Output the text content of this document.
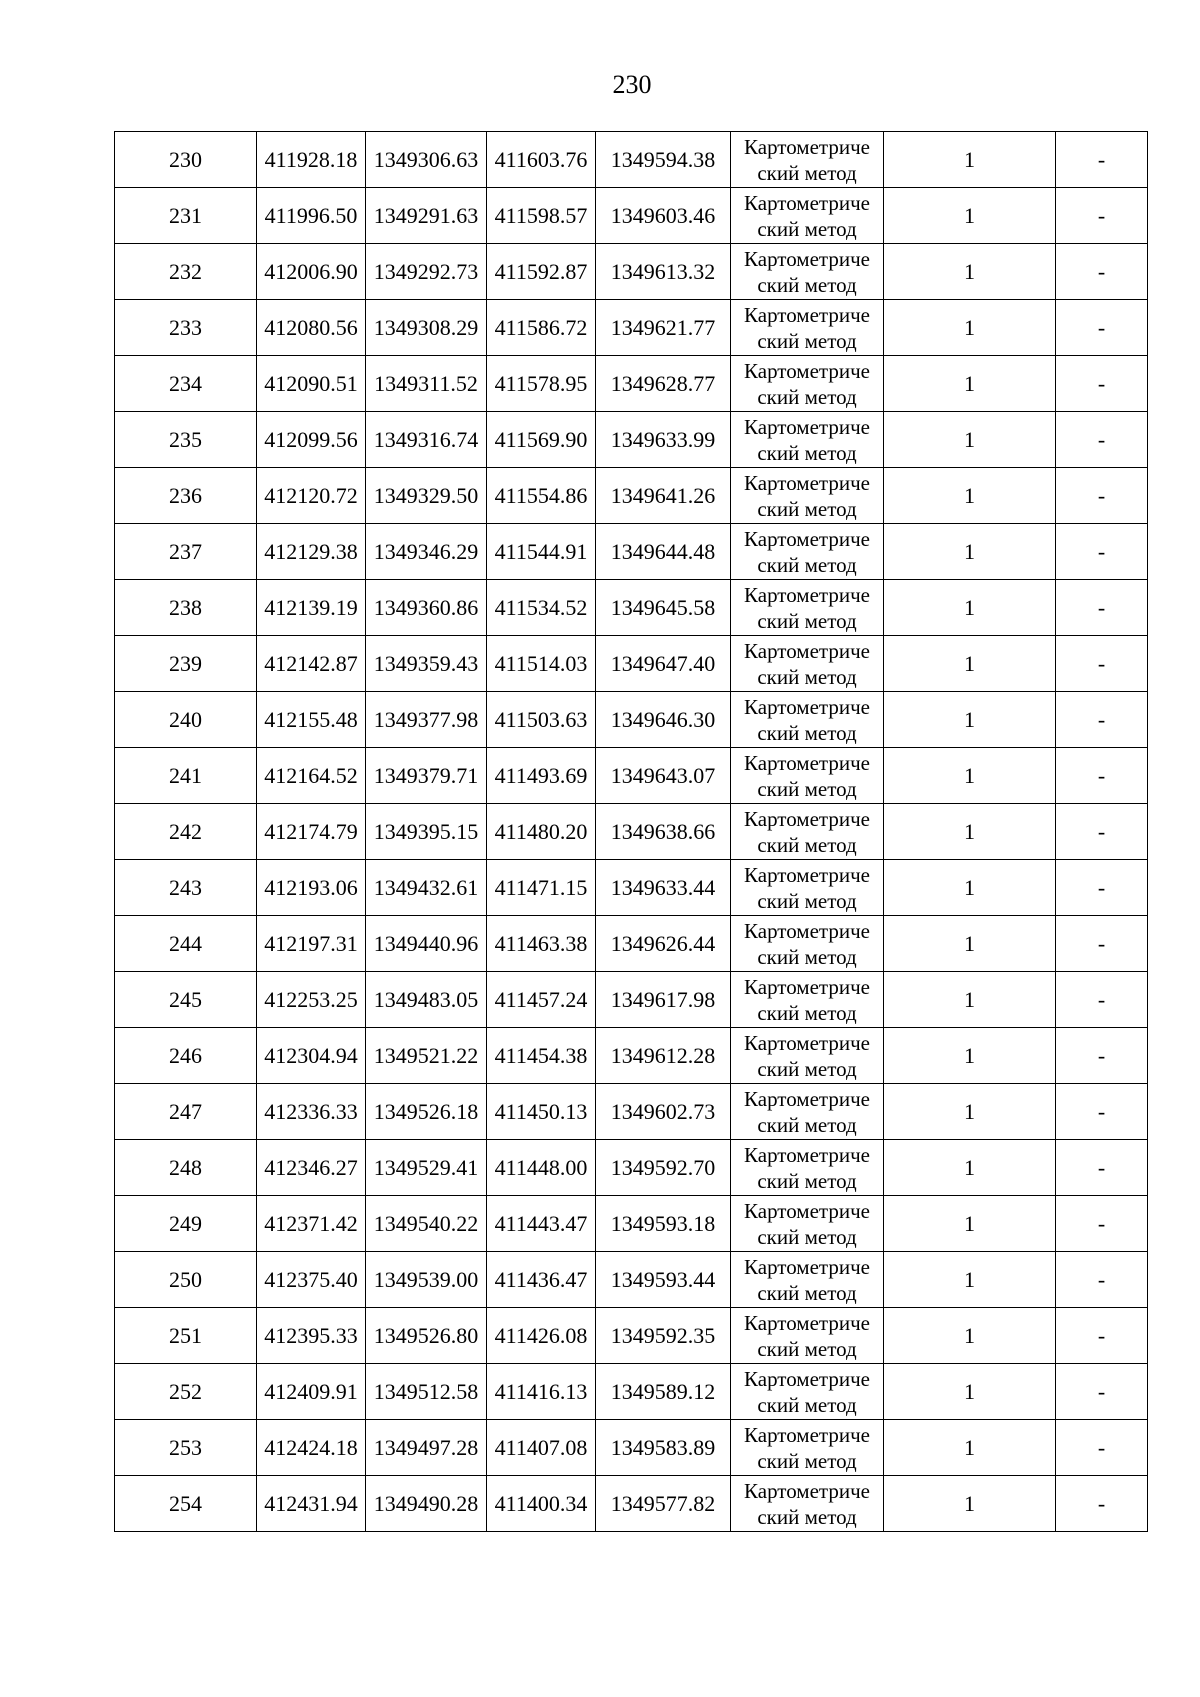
230
230	411928.18	1349306.63	411603.76	1349594.38	Картометриче
ский метод	1	-
231	411996.50	1349291.63	411598.57	1349603.46	Картометриче
ский метод	1	-
232	412006.90	1349292.73	411592.87	1349613.32	Картометриче
ский метод	1	-
233	412080.56	1349308.29	411586.72	1349621.77	Картометриче
ский метод	1	-
234	412090.51	1349311.52	411578.95	1349628.77	Картометриче
ский метод	1	-
235	412099.56	1349316.74	411569.90	1349633.99	Картометриче
ский метод	1	-
236	412120.72	1349329.50	411554.86	1349641.26	Картометриче
ский метод	1	-
237	412129.38	1349346.29	411544.91	1349644.48	Картометриче
ский метод	1	-
238	412139.19	1349360.86	411534.52	1349645.58	Картометриче
ский метод	1	-
239	412142.87	1349359.43	411514.03	1349647.40	Картометриче
ский метод	1	-
240	412155.48	1349377.98	411503.63	1349646.30	Картометриче
ский метод	1	-
241	412164.52	1349379.71	411493.69	1349643.07	Картометриче
ский метод	1	-
242	412174.79	1349395.15	411480.20	1349638.66	Картометриче
ский метод	1	-
243	412193.06	1349432.61	411471.15	1349633.44	Картометриче
ский метод	1	-
244	412197.31	1349440.96	411463.38	1349626.44	Картометриче
ский метод	1	-
245	412253.25	1349483.05	411457.24	1349617.98	Картометриче
ский метод	1	-
246	412304.94	1349521.22	411454.38	1349612.28	Картометриче
ский метод	1	-
247	412336.33	1349526.18	411450.13	1349602.73	Картометриче
ский метод	1	-
248	412346.27	1349529.41	411448.00	1349592.70	Картометриче
ский метод	1	-
249	412371.42	1349540.22	411443.47	1349593.18	Картометриче
ский метод	1	-
250	412375.40	1349539.00	411436.47	1349593.44	Картометриче
ский метод	1	-
251	412395.33	1349526.80	411426.08	1349592.35	Картометриче
ский метод	1	-
252	412409.91	1349512.58	411416.13	1349589.12	Картометриче
ский метод	1	-
253	412424.18	1349497.28	411407.08	1349583.89	Картометриче
ский метод	1	-
254	412431.94	1349490.28	411400.34	1349577.82	Картометриче
ский метод	1	-
